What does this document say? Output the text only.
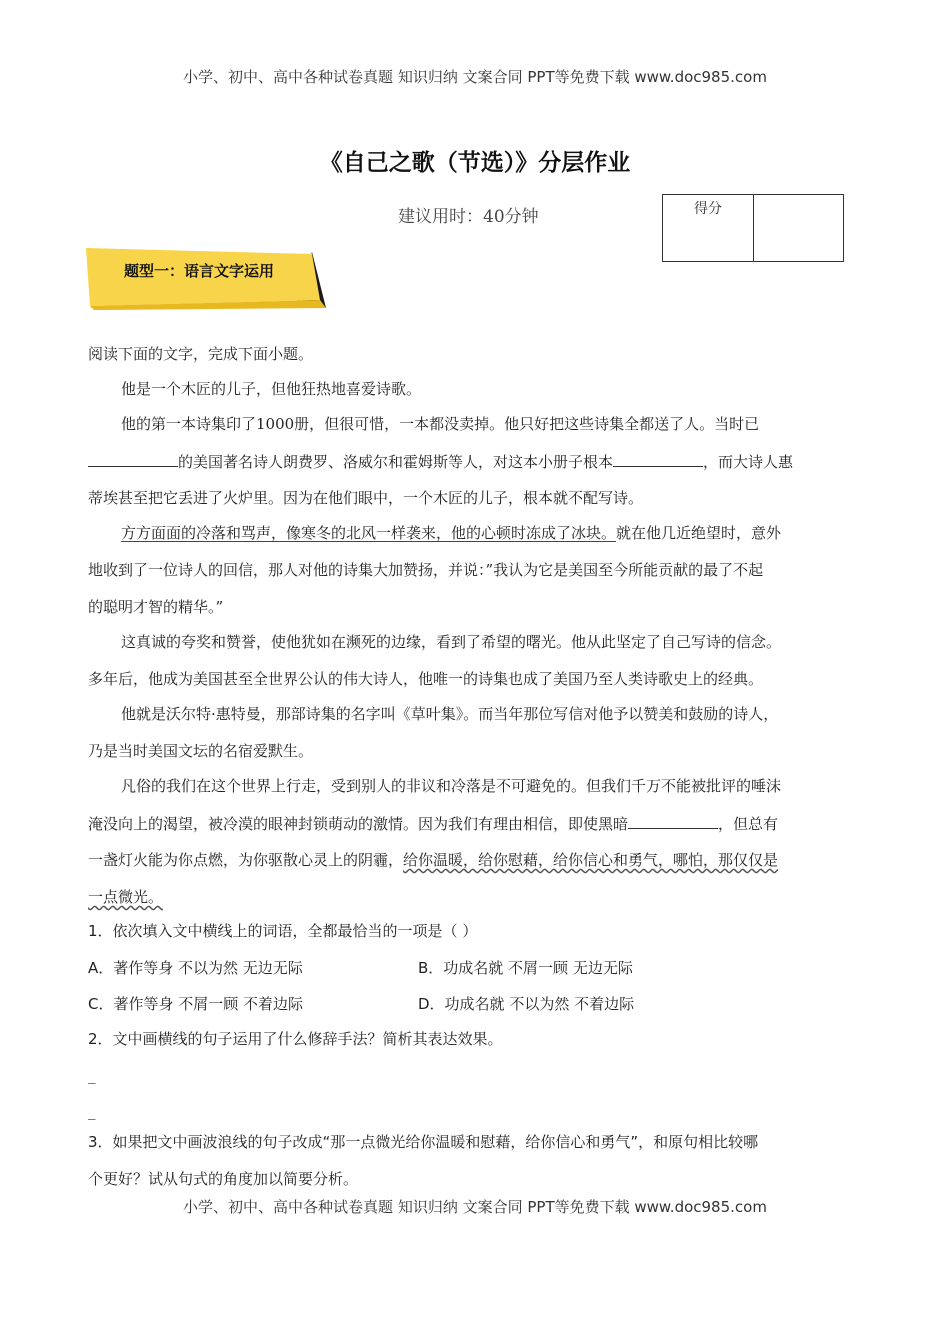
小学、初中、高中各种试卷真题 知识归纳 文案合同 PPT等免费下载 www.doc985.com
《自己之歌（节选）》分层作业
建议用时：40分钟	得分
题型一：语言文字运用
阅读下面的文字，完成下面小题。
他是一个木匠的儿子，但他狂热地喜爱诗歌。
他的第一本诗集印了1000册，但很可惜，一本都没卖掉。他只好把这些诗集全都送了人。当时已
的美国著名诗人朗费罗、洛威尔和霍姆斯等人，对这本小册子根本	，而大诗人惠
蒂埃甚至把它丢进了火炉里。因为在他们眼中，一个木匠的儿子，根本就不配写诗。
方方面面的冷落和骂声，像寒冬的北风一样袭来，他的心顿时冻成了冰块。就在他几近绝望时，意外
地收到了一位诗人的回信，那人对他的诗集大加赞扬，并说：”我认为它是美国至今所能贡献的最了不起
的聪明才智的精华。”
这真诚的夸奖和赞誉，使他犹如在濒死的边缘，看到了希望的曙光。他从此坚定了自己写诗的信念。
多年后，他成为美国甚至全世界公认的伟大诗人，他唯一的诗集也成了美国乃至人类诗歌史上的经典。
他就是沃尔特·惠特曼，那部诗集的名字叫《草叶集》。而当年那位写信对他予以赞美和鼓励的诗人，
乃是当时美国文坛的名宿爱默生。
凡俗的我们在这个世界上行走，受到别人的非议和冷落是不可避免的。但我们千万不能被批评的唾沫
淹没向上的渴望，被冷漠的眼神封锁萌动的激情。因为我们有理由相信，即使黑暗	，但总有
一盏灯火能为你点燃，为你驱散心灵上的阴霾，给你温暖，给你慰藉，给你信心和勇气，哪怕，那仅仅是
一点微光。
1．依次填入文中横线上的词语，全都最恰当的一项是（ ）
A．著作等身 不以为然 无边无际	B．功成名就 不屑一顾 无边无际
C．著作等身 不屑一顾 不着边际	D．功成名就 不以为然 不着边际
2．文中画横线的句子运用了什么修辞手法？简析其表达效果。
_
_
3．如果把文中画波浪线的句子改成“那一点微光给你温暖和慰藉，给你信心和勇气”，和原句相比较哪
个更好？试从句式的角度加以简要分析。
小学、初中、高中各种试卷真题 知识归纳 文案合同 PPT等免费下载 www.doc985.com
